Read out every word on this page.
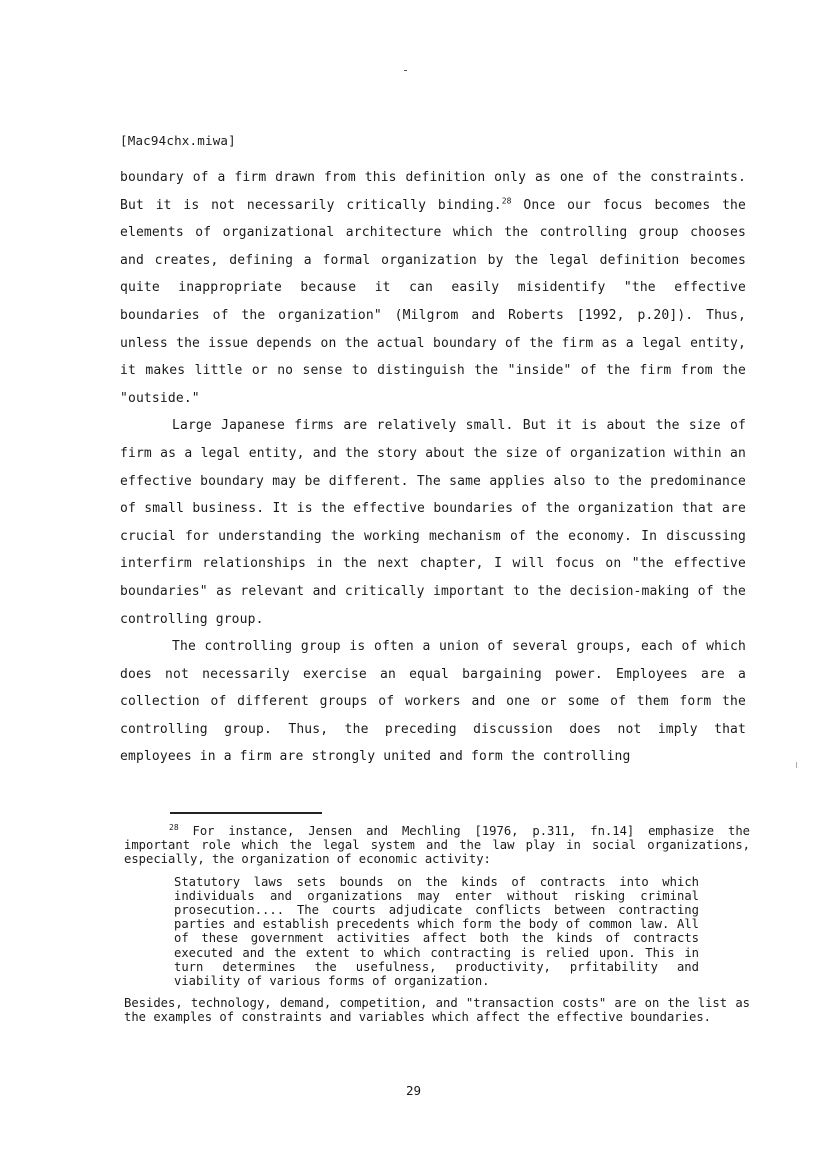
[Mac94chx.miwa]

boundary of a firm drawn from this definition only as one of the constraints. But it is not necessarily critically binding.$^{28}$ Once our focus becomes the elements of organizational architecture which the controlling group chooses and creates, defining a formal organization by the legal definition becomes quite inappropriate because it can easily misidentify "the effective boundaries of the organization" (Milgrom and Roberts [1992, p.20]). Thus, unless the issue depends on the actual boundary of the firm as a legal entity, it makes little or no sense to distinguish the "inside" of the firm from the "outside."

Large Japanese firms are relatively small. But it is about the size of firm as a legal entity, and the story about the size of organization within an effective boundary may be different. The same applies also to the predominance of small business. It is the effective boundaries of the organization that are crucial for understanding the working mechanism of the economy. In discussing interfirm relationships in the next chapter, I will focus on "the effective boundaries" as relevant and critically important to the decision-making of the controlling group.

The controlling group is often a union of several groups, each of which does not necessarily exercise an equal bargaining power. Employees are a collection of different groups of workers and one or some of them form the controlling group. Thus, the preceding discussion does not imply that employees in a firm are strongly united and form the controlling

$^{28}$ For instance, Jensen and Mechling [1976, p.311, fn.14] emphasize the important role which the legal system and the law play in social organizations, especially, the organization of economic activity:

Statutory laws sets bounds on the kinds of contracts into which individuals and organizations may enter without risking criminal prosecution.... The courts adjudicate conflicts between contracting parties and establish precedents which form the body of common law. All of these government activities affect both the kinds of contracts executed and the extent to which contracting is relied upon. This in turn determines the usefulness, productivity, prfitability and viability of various forms of organization.

Besides, technology, demand, competition, and "transaction costs" are on the list as the examples of constraints and variables which affect the effective boundaries.

29
